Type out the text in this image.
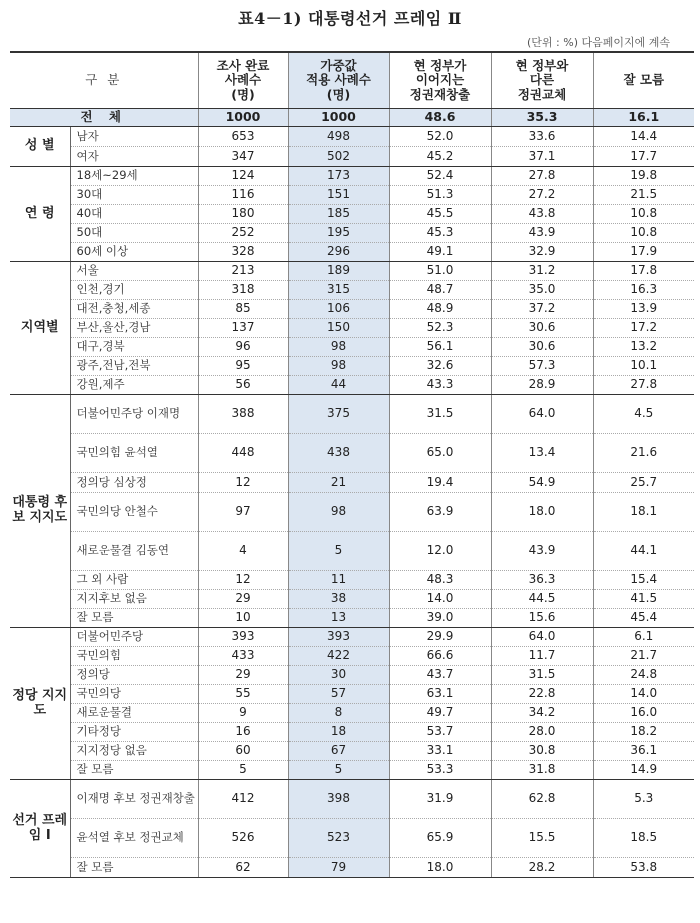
표4－1) 대통령선거 프레임 Ⅱ
(단위 : %) 다음페이지에 계속
구 분		조사 완료
사례수
(명)	가중값
적용 사례수
(명)	현 정부가
이어지는
정권재창출	현 정부와
다른
정권교체	잘 모름
전 체		1000	1000	48.6	35.3	16.1
성 별	남자	653	498	52.0	33.6	14.4
	여자	347	502	45.2	37.1	17.7
연 령	18세~29세	124	173	52.4	27.8	19.8
	30대	116	151	51.3	27.2	21.5
	40대	180	185	45.5	43.8	10.8
	50대	252	195	45.3	43.9	10.8
	60세 이상	328	296	49.1	32.9	17.9
지역별	서울	213	189	51.0	31.2	17.8
	인천,경기	318	315	48.7	35.0	16.3
	대전,충청,세종	85	106	48.9	37.2	13.9
	부산,울산,경남	137	150	52.3	30.6	17.2
	대구,경북	96	98	56.1	30.6	13.2
	광주,전남,전북	95	98	32.6	57.3	10.1
	강원,제주	56	44	43.3	28.9	27.8
대통령 후보 지지도	더불어민주당 이재명	388	375	31.5	64.0	4.5
	국민의힘 윤석열	448	438	65.0	13.4	21.6
	정의당 심상정	12	21	19.4	54.9	25.7
	국민의당 안철수	97	98	63.9	18.0	18.1
	새로운물결 김동연	4	5	12.0	43.9	44.1
	그 외 사람	12	11	48.3	36.3	15.4
	지지후보 없음	29	38	14.0	44.5	41.5
	잘 모름	10	13	39.0	15.6	45.4
정당 지지도	더불어민주당	393	393	29.9	64.0	6.1
	국민의힘	433	422	66.6	11.7	21.7
	정의당	29	30	43.7	31.5	24.8
	국민의당	55	57	63.1	22.8	14.0
	새로운물결	9	8	49.7	34.2	16.0
	기타정당	16	18	53.7	28.0	18.2
	지지정당 없음	60	67	33.1	30.8	36.1
	잘 모름	5	5	53.3	31.8	14.9
선거 프레임 Ⅰ	이재명 후보 정권재창출	412	398	31.9	62.8	5.3
	윤석열 후보 정권교체	526	523	65.9	15.5	18.5
	잘 모름	62	79	18.0	28.2	53.8
